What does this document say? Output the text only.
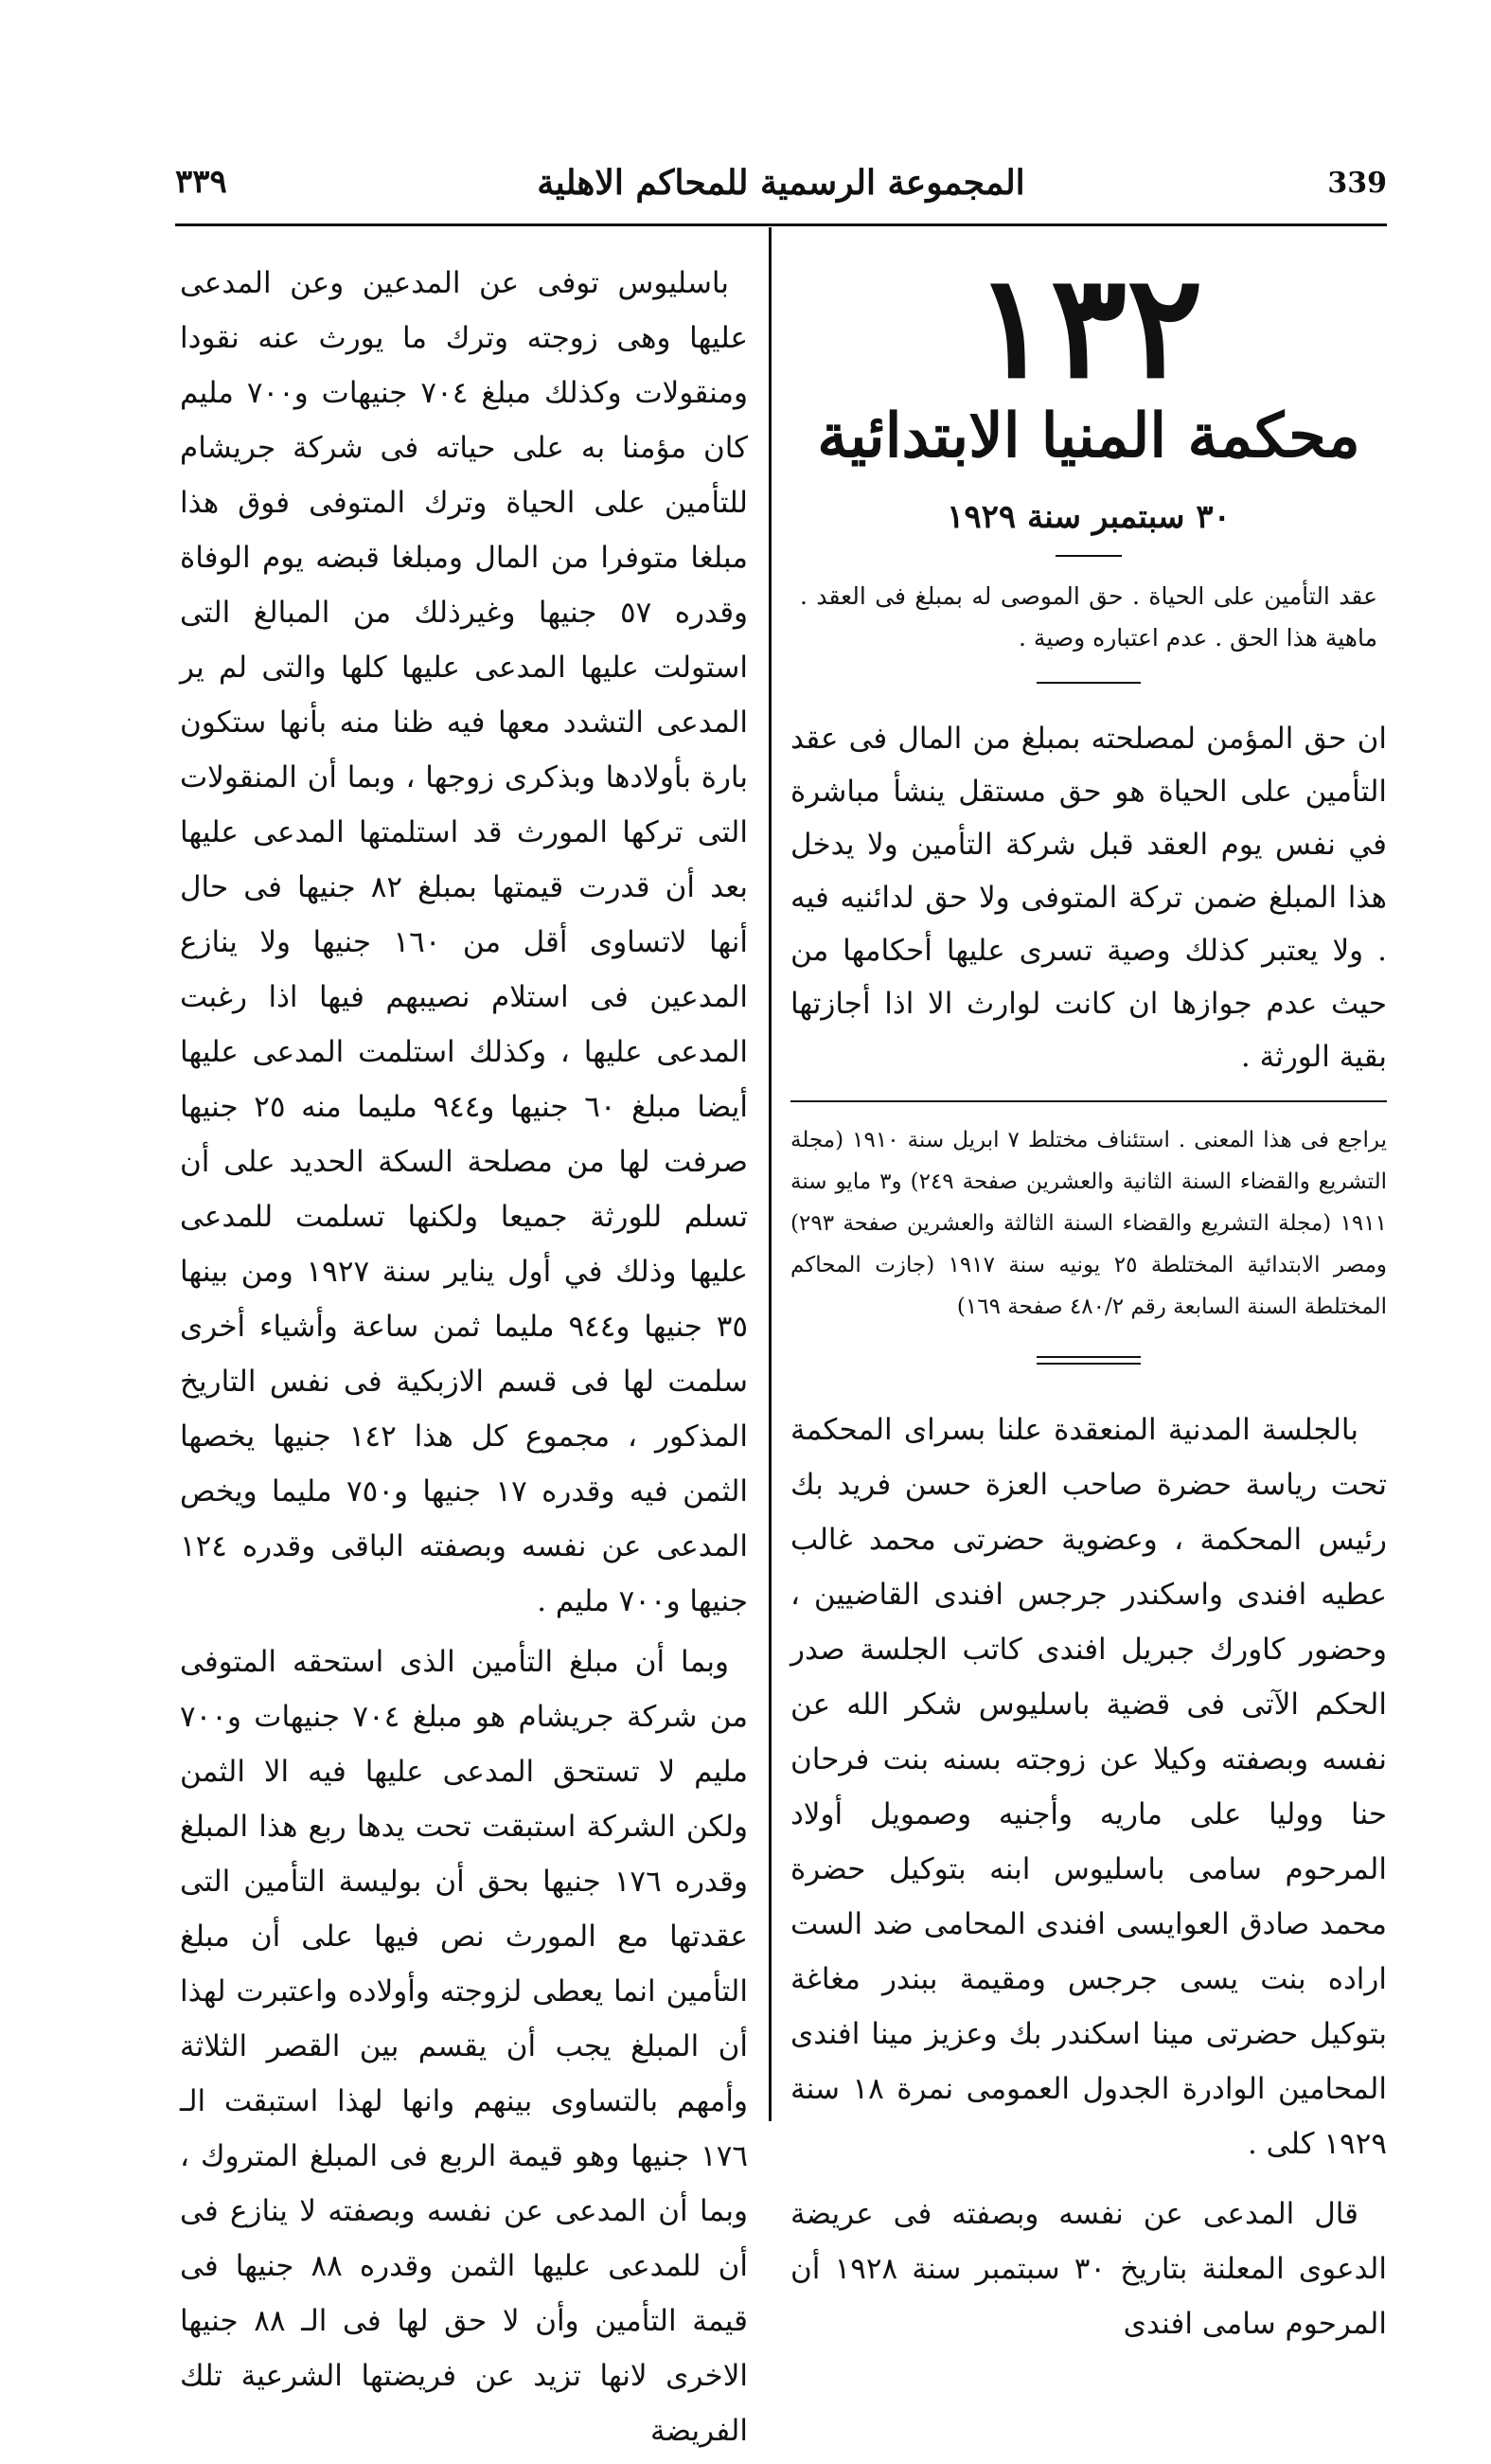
339
المجموعة الرسمية للمحاكم الاهلية
٣٣٩
١٣٢
محكمة المنيا الابتدائية
٣٠ سبتمبر سنة ١٩٢٩

عقد التأمين على الحياة . حق الموصى له بمبلغ فى العقد . ماهية هذا الحق . عدم اعتباره وصية .

ان حق المؤمن لمصلحته بمبلغ من المال فى عقد التأمين على الحياة هو حق مستقل ينشأ مباشرة في نفس يوم العقد قبل شركة التأمين ولا يدخل هذا المبلغ ضمن تركة المتوفى ولا حق لدائنيه فيه . ولا يعتبر كذلك وصية تسرى عليها أحكامها من حيث عدم جوازها ان كانت لوارث الا اذا أجازتها بقية الورثة .

يراجع فى هذا المعنى . استئناف مختلط ٧ ابريل سنة ١٩١٠ (مجلة التشريع والقضاء السنة الثانية والعشرين صفحة ٢٤٩) و٣ مايو سنة ١٩١١ (مجلة التشريع والقضاء السنة الثالثة والعشرين صفحة ٢٩٣) ومصر الابتدائية المختلطة ٢٥ يونيه سنة ١٩١٧ (جازت المحاكم المختلطة السنة السابعة رقم ٤٨٠/٢ صفحة ١٦٩)

بالجلسة المدنية المنعقدة علنا بسراى المحكمة تحت رياسة حضرة صاحب العزة حسن فريد بك رئيس المحكمة ، وعضوية حضرتى محمد غالب عطيه افندى واسكندر جرجس افندى القاضيين ، وحضور كاورك جبريل افندى كاتب الجلسة صدر الحكم الآتى فى قضية باسليوس شكر الله عن نفسه وبصفته وكيلا عن زوجته بسنه بنت فرحان حنا ووليا على ماريه وأجنيه وصمويل أولاد المرحوم سامى باسليوس ابنه بتوكيل حضرة محمد صادق العوايسى افندى المحامى ضد الست اراده بنت يسى جرجس ومقيمة ببندر مغاغة بتوكيل حضرتى مينا اسكندر بك وعزيز مينا افندى المحامين الوادرة الجدول العمومى نمرة ١٨ سنة ١٩٢٩ كلى .

قال المدعى عن نفسه وبصفته فى عريضة الدعوى المعلنة بتاريخ ٣٠ سبتمبر سنة ١٩٢٨ أن المرحوم سامى افندى

باسليوس توفى عن المدعين وعن المدعى عليها وهى زوجته وترك ما يورث عنه نقودا ومنقولات وكذلك مبلغ ٧٠٤ جنيهات و٧٠٠ مليم كان مؤمنا به على حياته فى شركة جريشام للتأمين على الحياة وترك المتوفى فوق هذا مبلغا متوفرا من المال ومبلغا قبضه يوم الوفاة وقدره ٥٧ جنيها وغيرذلك من المبالغ التى استولت عليها المدعى عليها كلها والتى لم ير المدعى التشدد معها فيه ظنا منه بأنها ستكون بارة بأولادها وبذكرى زوجها ، وبما أن المنقولات التى تركها المورث قد استلمتها المدعى عليها بعد أن قدرت قيمتها بمبلغ ٨٢ جنيها فى حال أنها لاتساوى أقل من ١٦٠ جنيها ولا ينازع المدعين فى استلام نصيبهم فيها اذا رغبت المدعى عليها ، وكذلك استلمت المدعى عليها أيضا مبلغ ٦٠ جنيها و٩٤٤ مليما منه ٢٥ جنيها صرفت لها من مصلحة السكة الحديد على أن تسلم للورثة جميعا ولكنها تسلمت للمدعى عليها وذلك في أول يناير سنة ١٩٢٧ ومن بينها ٣٥ جنيها و٩٤٤ مليما ثمن ساعة وأشياء أخرى سلمت لها فى قسم الازبكية فى نفس التاريخ المذكور ، مجموع كل هذا ١٤٢ جنيها يخصها الثمن فيه وقدره ١٧ جنيها و٧٥٠ مليما ويخص المدعى عن نفسه وبصفته الباقى وقدره ١٢٤ جنيها و٧٠٠ مليم .

وبما أن مبلغ التأمين الذى استحقه المتوفى من شركة جريشام هو مبلغ ٧٠٤ جنيهات و٧٠٠ مليم لا تستحق المدعى عليها فيه الا الثمن ولكن الشركة استبقت تحت يدها ربع هذا المبلغ وقدره ١٧٦ جنيها بحق أن بوليسة التأمين التى عقدتها مع المورث نص فيها على أن مبلغ التأمين انما يعطى لزوجته وأولاده واعتبرت لهذا أن المبلغ يجب أن يقسم بين القصر الثلاثة وأمهم بالتساوى بينهم وانها لهذا استبقت الـ ١٧٦ جنيها وهو قيمة الربع فى المبلغ المتروك ، وبما أن المدعى عن نفسه وبصفته لا ينازع فى أن للمدعى عليها الثمن وقدره ٨٨ جنيها فى قيمة التأمين وأن لا حق لها فى الـ ٨٨ جنيها الاخرى لانها تزيد عن فريضتها الشرعية تلك الفريضة
